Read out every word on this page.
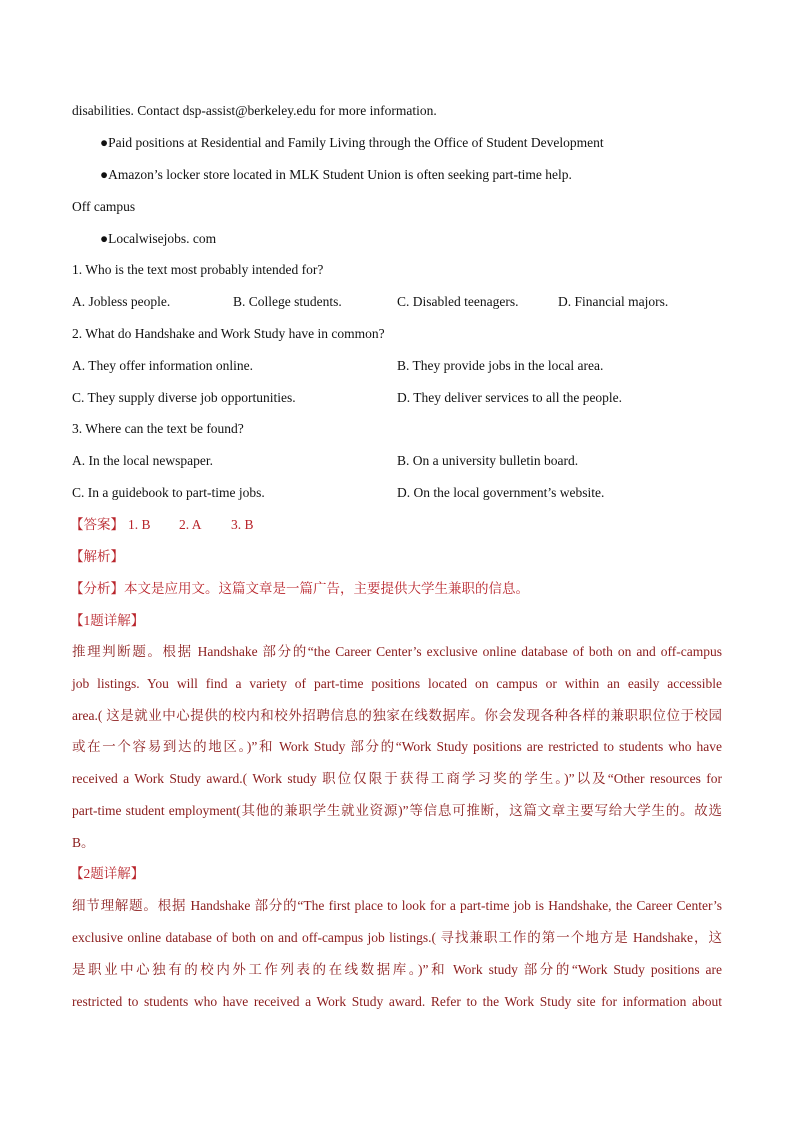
disabilities. Contact dsp-assist@berkeley.edu for more information.
●Paid positions at Residential and Family Living through the Office of Student Development
●Amazon’s locker store located in MLK Student Union is often seeking part-time help.
Off campus
●Localwisejobs. com
1. Who is the text most probably intended for?
A. Jobless people.	B. College students.	C. Disabled teenagers.	D. Financial majors.
2. What do Handshake and Work Study have in common?
A. They offer information online.	B. They provide jobs in the local area.
C. They supply diverse job opportunities.	D. They deliver services to all the people.
3. Where can the text be found?
A. In the local newspaper.	B. On a university bulletin board.
C. In a guidebook to part-time jobs.	D. On the local government’s website.
【答案】 1. B 2. A 3. B
【解析】
【分析】本文是应用文。这篇文章是一篇广告，主要提供大学生兼职的信息。
【1题详解】
推理判断题。根据 Handshake 部分的“the Career Center’s exclusive online database of both on and off-campus
job listings. You will find a variety of part-time positions located on campus or within an easily accessible
area.( 这是就业中心提供的校内和校外招聘信息的独家在线数据库。你会发现各种各样的兼职职位位于校园
或在一个容易到达的地区。)”和 Work Study 部分的“Work Study positions are restricted to students who have
received a Work Study award.( Work study 职位仅限于获得工商学习奖的学生。)”以及“Other resources for
part-time student employment(其他的兼职学生就业资源)”等信息可推断，这篇文章主要写给大学生的。故选
B。
【2题详解】
细节理解题。根据 Handshake 部分的“The first place to look for a part-time job is Handshake, the Career Center’s
exclusive online database of both on and off-campus job listings.( 寻找兼职工作的第一个地方是 Handshake，这
是职业中心独有的校内外工作列表的在线数据库。)”和 Work study 部分的“Work Study positions are
restricted to students who have received a Work Study award. Refer to the Work Study site for information about
